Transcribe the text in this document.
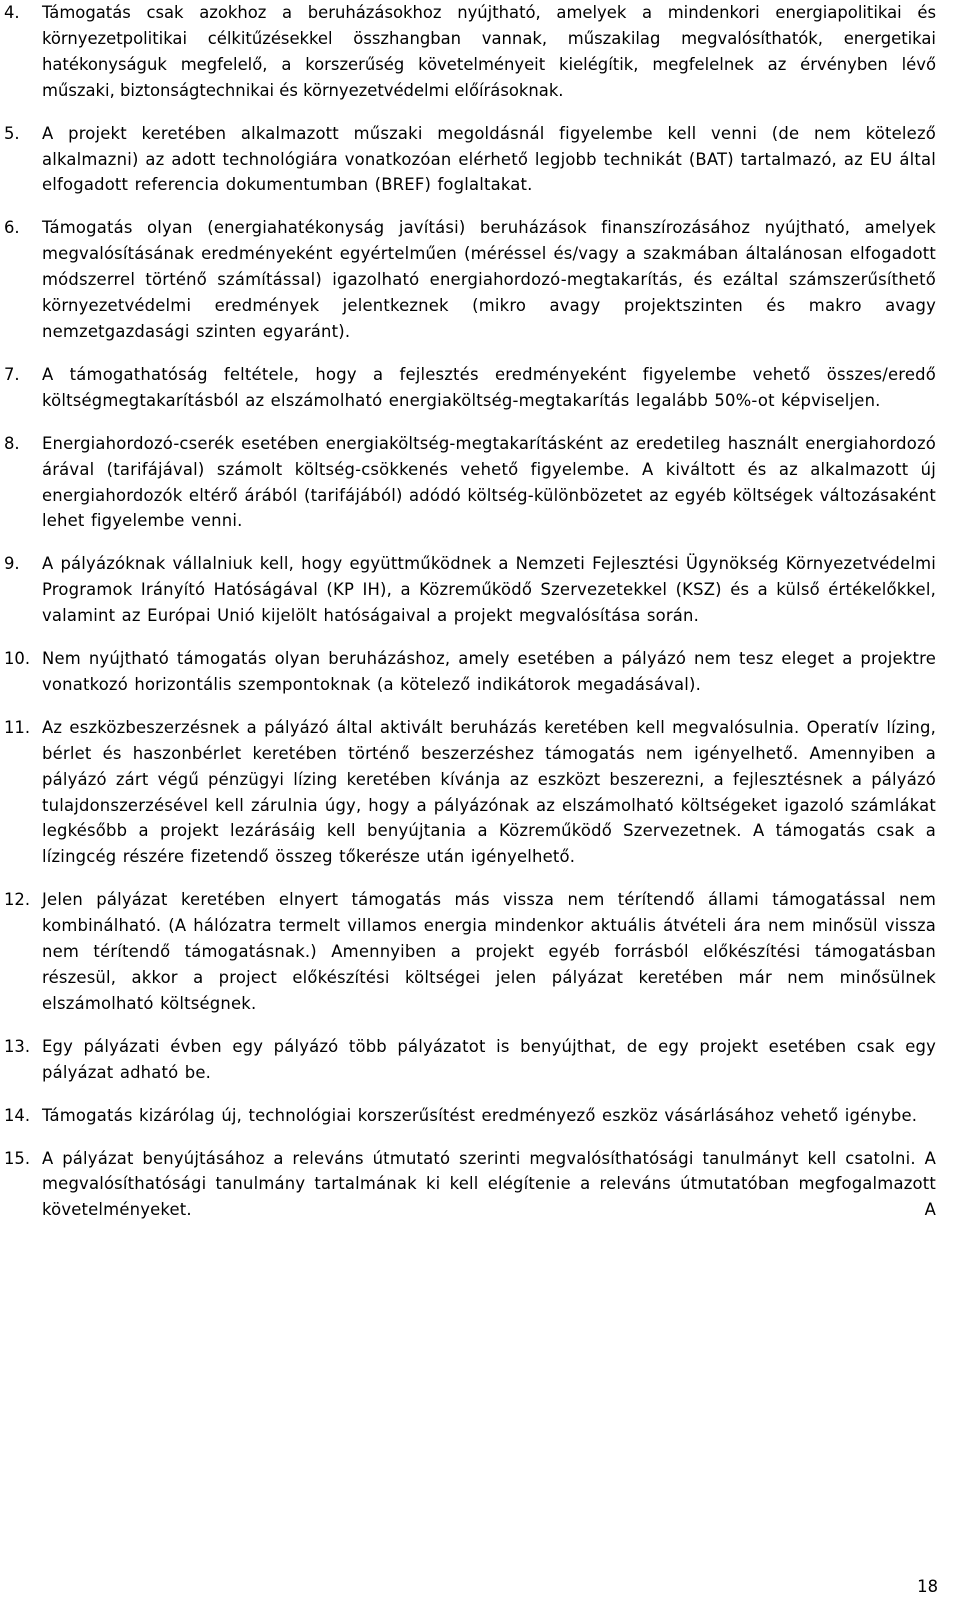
4.	Támogatás csak azokhoz a beruházásokhoz nyújtható, amelyek a mindenkori energiapolitikai és környezetpolitikai célkitűzésekkel összhangban vannak, műszakilag megvalósíthatók, energetikai hatékonyságuk megfelelő, a korszerűség követelményeit kielégítik, megfelelnek az érvényben lévő műszaki, biztonságtechnikai és környezetvédelmi előírásoknak.
5.	A projekt keretében alkalmazott műszaki megoldásnál figyelembe kell venni (de nem kötelező alkalmazni) az adott technológiára vonatkozóan elérhető legjobb technikát (BAT) tartalmazó, az EU által elfogadott referencia dokumentumban (BREF) foglaltakat.
6.	Támogatás olyan (energiahatékonyság javítási) beruházások finanszírozásához nyújtható, amelyek megvalósításának eredményeként egyértelműen (méréssel és/vagy a szakmában általánosan elfogadott módszerrel történő számítással) igazolható energiahordozó-megtakarítás, és ezáltal számszerűsíthető környezetvédelmi eredmények jelentkeznek (mikro avagy projektszinten és makro avagy nemzetgazdasági szinten egyaránt).
7.	A támogathatóság feltétele, hogy a fejlesztés eredményeként figyelembe vehető összes/eredő költségmegtakarításból az elszámolható energiaköltség-megtakarítás legalább 50%-ot képviseljen.
8.	Energiahordozó-cserék esetében energiaköltség-megtakarításként az eredetileg használt energiahordozó árával (tarifájával) számolt költség-csökkenés vehető figyelembe. A kiváltott és az alkalmazott új energiahordozók eltérő árából (tarifájából) adódó költség-különbözetet az egyéb költségek változásaként lehet figyelembe venni.
9.	A pályázóknak vállalniuk kell, hogy együttműködnek a Nemzeti Fejlesztési Ügynökség Környezetvédelmi Programok Irányító Hatóságával (KP IH), a Közreműködő Szervezetekkel (KSZ) és a külső értékelőkkel, valamint az Európai Unió kijelölt hatóságaival a projekt megvalósítása során.
10. Nem nyújtható támogatás olyan beruházáshoz, amely esetében a pályázó nem tesz eleget a projektre vonatkozó horizontális szempontoknak (a kötelező indikátorok megadásával).
11. Az eszközbeszerzésnek a pályázó által aktivált beruházás keretében kell megvalósulnia. Operatív lízing, bérlet és haszonbérlet keretében történő beszerzéshez támogatás nem igényelhető. Amennyiben a pályázó zárt végű pénzügyi lízing keretében kívánja az eszközt beszerezni, a fejlesztésnek a pályázó tulajdonszerzésével kell zárulnia úgy, hogy a pályázónak az elszámolható költségeket igazoló számlákat legkésőbb a projekt lezárásáig kell benyújtania a Közreműködő Szervezetnek. A támogatás csak a lízingcég részére fizetendő összeg tőkerésze után igényelhető.
12. Jelen pályázat keretében elnyert támogatás más vissza nem térítendő állami támogatással nem kombinálható. (A hálózatra termelt villamos energia mindenkor aktuális átvételi ára nem minősül vissza nem térítendő támogatásnak.) Amennyiben a projekt egyéb forrásból előkészítési támogatásban részesül, akkor a project előkészítési költségei jelen pályázat keretében már nem minősülnek elszámolható költségnek.
13. Egy pályázati évben egy pályázó több pályázatot is benyújthat, de egy projekt esetében csak egy pályázat adható be.
14. Támogatás kizárólag új, technológiai korszerűsítést eredményező eszköz vásárlásához vehető igénybe.
15. A pályázat benyújtásához a releváns útmutató szerinti megvalósíthatósági tanulmányt kell csatolni. A megvalósíthatósági tanulmány tartalmának ki kell elégítenie a releváns útmutatóban megfogalmazott követelményeket. A
18
